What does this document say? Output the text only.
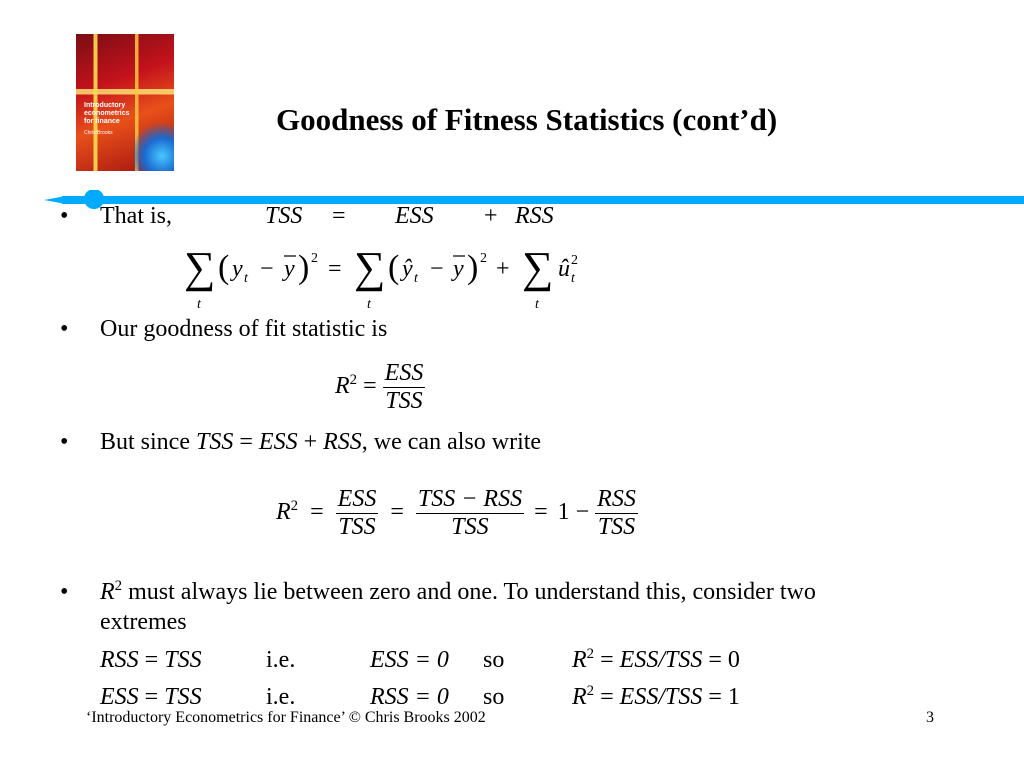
Introductory
econometrics
for finance
Chris Brooks	Goodness of Fitness Statistics (cont’d)
• That is,	TSS = ESS + RSS
∑
t
( y t − y ) 2 = ∑
t
( ŷ t − y ) 2 + ∑
t
û t
2
• Our goodness of fit statistic is
$R^2 = \frac{\text{ESS}}{\text{TSS}}$
• But since TSS = ESS + RSS, we can also write
$R^2 = \frac{\text{ESS}}{\text{TSS}} = \frac{\text{TSS − RSS}}{\text{TSS}} = 1 - \frac{\text{RSS}}{\text{TSS}}$
• $R^2$ must always lie between zero and one. To understand this, consider two
extremes
RSS = TSS	i.e.	ESS = 0 so	$R^2 = ESS/TSS = 0$
ESS = TSS	i.e.	RSS = 0 so	$R^2 = ESS/TSS = 1$
‘Introductory Econometrics for Finance’ © Chris Brooks 2002	3
